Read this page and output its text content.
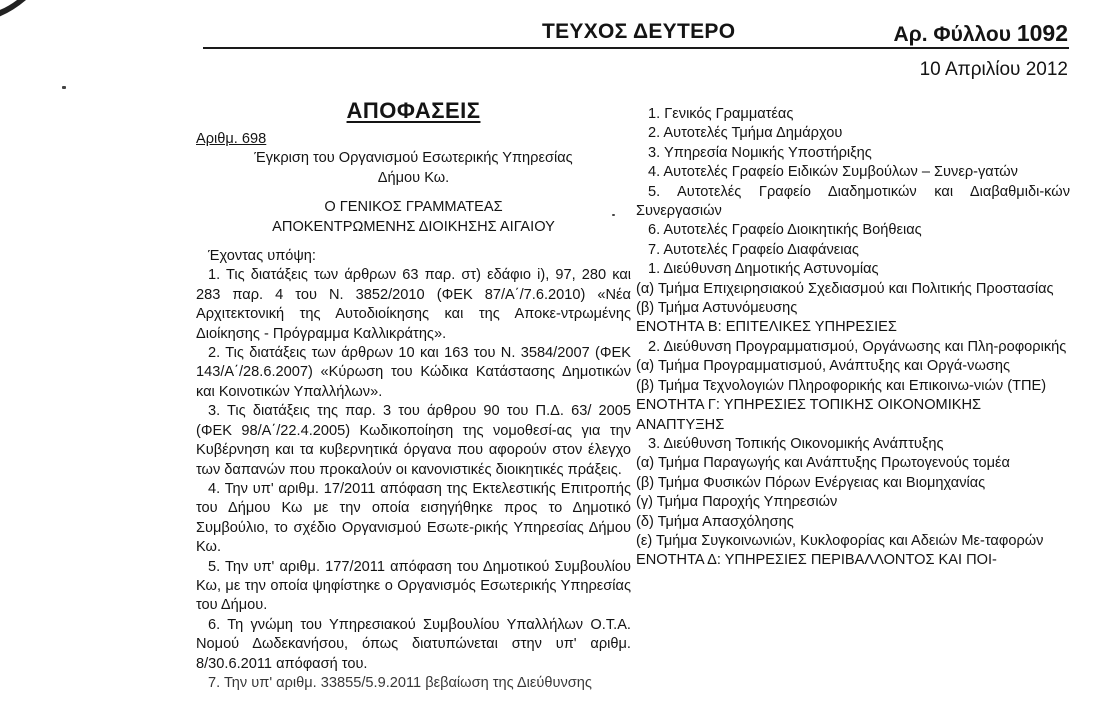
ΤΕΥΧΟΣ ΔΕΥΤΕΡΟ	Αρ. Φύλλου 1092
10 Απριλίου 2012
ΑΠΟΦΑΣΕΙΣ

Αριθμ. 698

Έγκριση του Οργανισμού Εσωτερικής Υπηρεσίας
Δήμου Κω.
Ο ΓΕΝΙΚΟΣ ΓΡΑΜΜΑΤΕΑΣ
ΑΠΟΚΕΝΤΡΩΜΕΝΗΣ ΔΙΟΙΚΗΣΗΣ ΑΙΓΑΙΟΥ

Έχοντας υπόψη:

1. Τις διατάξεις των άρθρων 63 παρ. στ) εδάφιο i), 97, 280 και 283 παρ. 4 του Ν. 3852/2010 (ΦΕΚ 87/Α΄/7.6.2010) «Νέα Αρχιτεκτονική της Αυτοδιοίκησης και της Αποκε-ντρωμένης Διοίκησης - Πρόγραμμα Καλλικράτης».

2. Τις διατάξεις των άρθρων 10 και 163 του Ν. 3584/2007 (ΦΕΚ 143/Α΄/28.6.2007) «Κύρωση του Κώδικα Κατάστασης Δημοτικών και Κοινοτικών Υπαλλήλων».

3. Τις διατάξεις της παρ. 3 του άρθρου 90 του Π.Δ. 63/ 2005 (ΦΕΚ 98/Α΄/22.4.2005) Κωδικοποίηση της νομοθεσί-ας για την Κυβέρνηση και τα κυβερνητικά όργανα που αφορούν στον έλεγχο των δαπανών που προκαλούν οι κανονιστικές διοικητικές πράξεις.

4. Την υπ' αριθμ. 17/2011 απόφαση της Εκτελεστικής Επιτροπής του Δήμου Κω με την οποία εισηγήθηκε προς το Δημοτικό Συμβούλιο, το σχέδιο Οργανισμού Εσωτε-ρικής Υπηρεσίας Δήμου Κω.

5. Την υπ' αριθμ. 177/2011 απόφαση του Δημοτικού Συμβουλίου Κω, με την οποία ψηφίστηκε ο Οργανισμός Εσωτερικής Υπηρεσίας του Δήμου.

6. Τη γνώμη του Υπηρεσιακού Συμβουλίου Υπαλλήλων Ο.Τ.Α. Νομού Δωδεκανήσου, όπως διατυπώνεται στην υπ' αριθμ. 8/30.6.2011 απόφασή του.

7. Την υπ' αριθμ. 33855/5.9.2011 βεβαίωση της Διεύθυνσης

1. Γενικός Γραμματέας

2. Αυτοτελές Τμήμα Δημάρχου

3. Υπηρεσία Νομικής Υποστήριξης

4. Αυτοτελές Γραφείο Ειδικών Συμβούλων – Συνερ-γατών

5. Αυτοτελές Γραφείο Διαδημοτικών και Διαβαθμιδι-κών Συνεργασιών

6. Αυτοτελές Γραφείο Διοικητικής Βοήθειας

7. Αυτοτελές Γραφείο Διαφάνειας

1. Διεύθυνση Δημοτικής Αστυνομίας

(α) Τμήμα Επιχειρησιακού Σχεδιασμού και Πολιτικής Προστασίας

(β) Τμήμα Αστυνόμευσης

ΕΝΟΤΗΤΑ Β: ΕΠΙΤΕΛΙΚΕΣ ΥΠΗΡΕΣΙΕΣ

2. Διεύθυνση Προγραμματισμού, Οργάνωσης και Πλη-ροφορικής

(α) Τμήμα Προγραμματισμού, Ανάπτυξης και Οργά-νωσης

(β) Τμήμα Τεχνολογιών Πληροφορικής και Επικοινω-νιών (ΤΠΕ)

ΕΝΟΤΗΤΑ Γ: ΥΠΗΡΕΣΙΕΣ ΤΟΠΙΚΗΣ ΟΙΚΟΝΟΜΙΚΗΣ ΑΝΑΠΤΥΞΗΣ

3. Διεύθυνση Τοπικής Οικονομικής Ανάπτυξης

(α) Τμήμα Παραγωγής και Ανάπτυξης Πρωτογενούς τομέα

(β) Τμήμα Φυσικών Πόρων Ενέργειας και Βιομηχανίας

(γ) Τμήμα Παροχής Υπηρεσιών

(δ) Τμήμα Απασχόλησης

(ε) Τμήμα Συγκοινωνιών, Κυκλοφορίας και Αδειών Με-ταφορών

ΕΝΟΤΗΤΑ Δ: ΥΠΗΡΕΣΙΕΣ ΠΕΡΙΒΑΛΛΟΝΤΟΣ ΚΑΙ ΠΟΙ-
